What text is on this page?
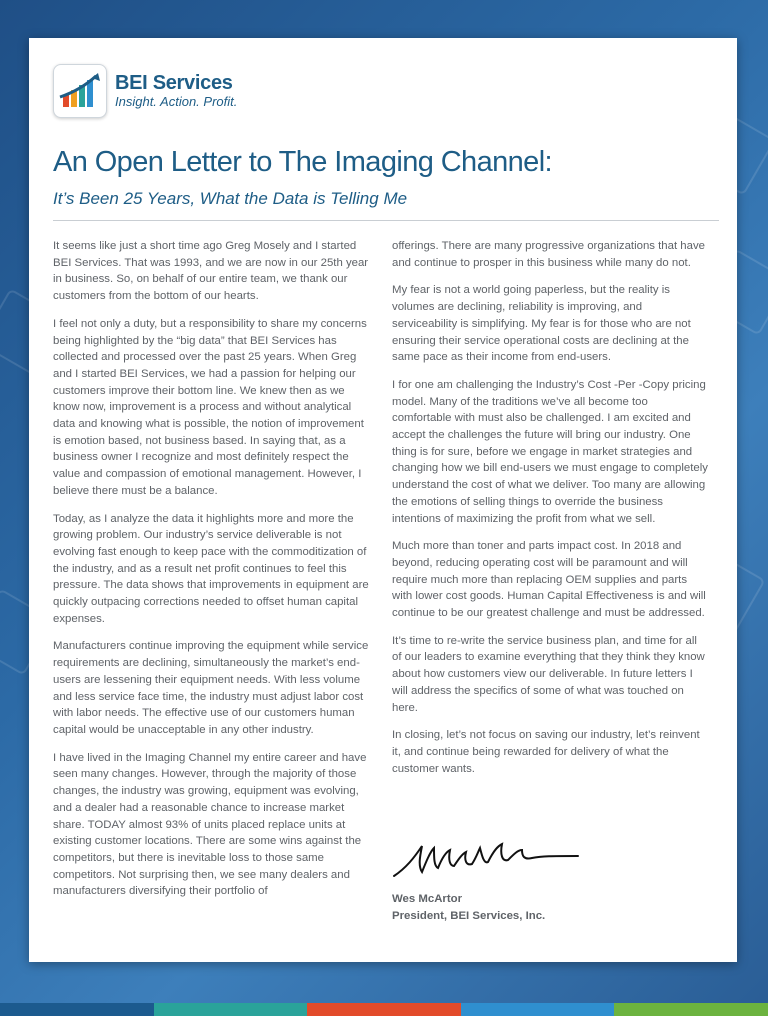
BEI Services
Insight. Action. Profit.
An Open Letter to The Imaging Channel:
It’s Been 25 Years, What the Data is Telling Me

It seems like just a short time ago Greg Mosely and I started BEI Services. That was 1993, and we are now in our 25th year in business. So, on behalf of our entire team, we thank our customers from the bottom of our hearts.

I feel not only a duty, but a responsibility to share my concerns being highlighted by the “big data” that BEI Services has collected and processed over the past 25 years. When Greg and I started BEI Services, we had a passion for helping our customers improve their bottom line. We knew then as we know now, improvement is a process and without analytical data and knowing what is possible, the notion of improvement is emotion based, not business based. In saying that, as a business owner I recognize and most definitely respect the value and compassion of emotional management. However, I believe there must be a balance.

Today, as I analyze the data it highlights more and more the growing problem. Our industry’s service deliverable is not evolving fast enough to keep pace with the commoditization of the industry, and as a result net profit continues to feel this pressure. The data shows that improvements in equipment are quickly outpacing corrections needed to offset human capital expenses.

Manufacturers continue improving the equipment while service requirements are declining, simultaneously the market’s end-users are lessening their equipment needs. With less volume and less service face time, the industry must adjust labor cost with labor needs. The effective use of our customers human capital would be unacceptable in any other industry.

I have lived in the Imaging Channel my entire career and have seen many changes. However, through the majority of those changes, the industry was growing, equipment was evolving, and a dealer had a reasonable chance to increase market share. TODAY almost 93% of units placed replace units at existing customer locations. There are some wins against the competitors, but there is inevitable loss to those same competitors. Not surprising then, we see many dealers and manufacturers diversifying their portfolio of

offerings. There are many progressive organizations that have and continue to prosper in this business while many do not.

My fear is not a world going paperless, but the reality is volumes are declining, reliability is improving, and serviceability is simplifying. My fear is for those who are not ensuring their service operational costs are declining at the same pace as their income from end-users.

I for one am challenging the Industry’s Cost -Per -Copy pricing model. Many of the traditions we’ve all become too comfortable with must also be challenged. I am excited and accept the challenges the future will bring our industry. One thing is for sure, before we engage in market strategies and changing how we bill end-users we must engage to completely understand the cost of what we deliver. Too many are allowing the emotions of selling things to override the business intentions of maximizing the profit from what we sell.

Much more than toner and parts impact cost. In 2018 and beyond, reducing operating cost will be paramount and will require much more than replacing OEM supplies and parts with lower cost goods. Human Capital Effectiveness is and will continue to be our greatest challenge and must be addressed.

It’s time to re-write the service business plan, and time for all of our leaders to examine everything that they think they know about how customers view our deliverable. In future letters I will address the specifics of some of what was touched on here.

In closing, let’s not focus on saving our industry, let’s reinvent it, and continue being rewarded for delivery of what the customer wants.

Wes McArtor
President, BEI Services, Inc.
